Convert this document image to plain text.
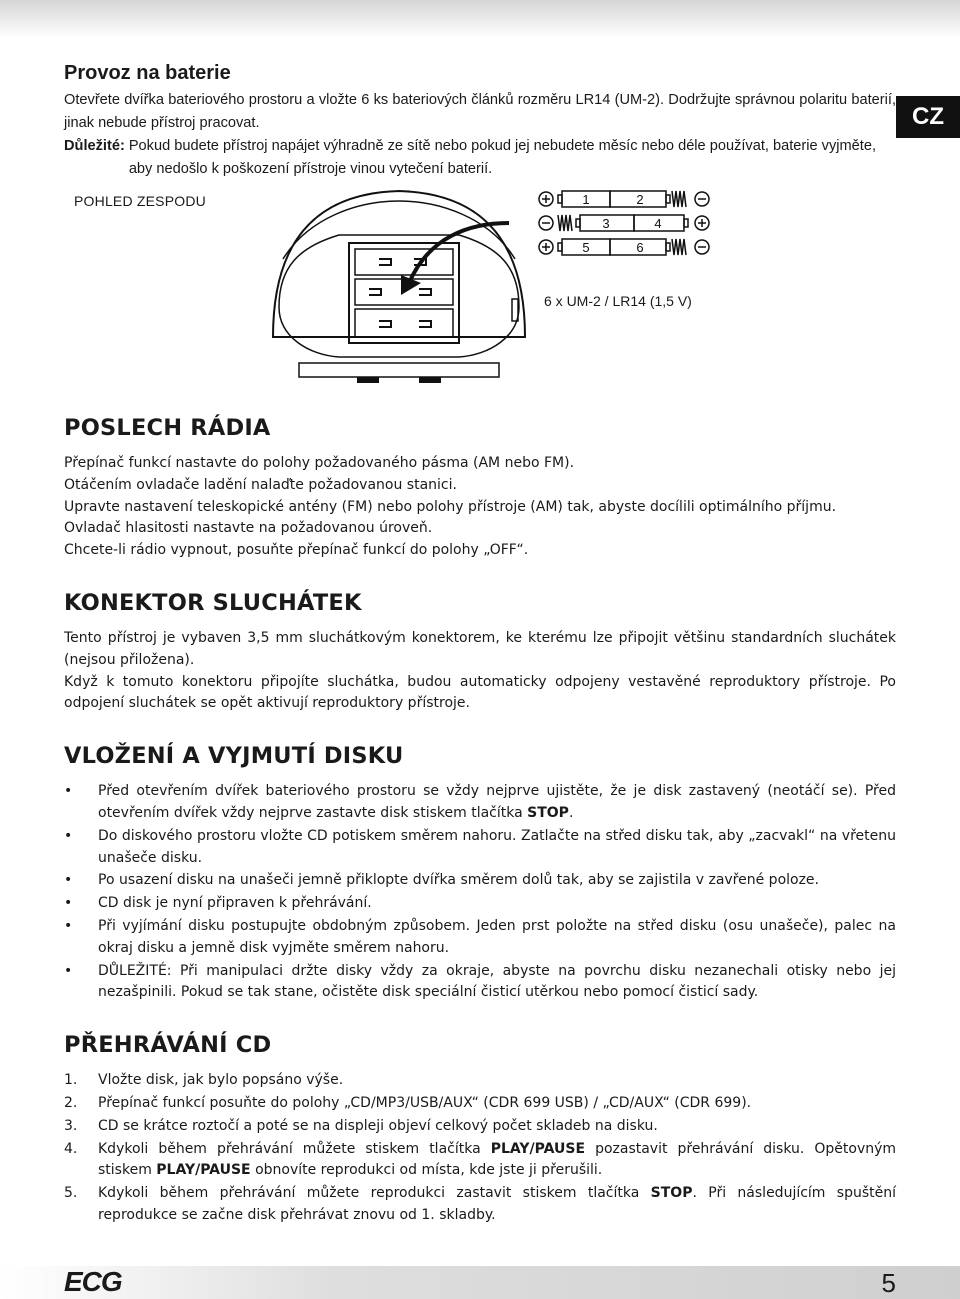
CZ
Provoz na baterie

Otevřete dvířka bateriového prostoru a vložte 6 ks bateriových článků rozměru LR14 (UM-2). Dodržujte správnou polaritu baterií, jinak nebude přístroj pracovat.

Důležité: Pokud budete přístroj napájet výhradně ze sítě nebo pokud jej nebudete měsíc nebo déle používat, baterie vyjměte, aby nedošlo k poškození přístroje vinou vytečení baterií.
POHLED ZESPODU	1	2
3	4
5	6
6 x UM-2 / LR14 (1,5 V)
POSLECH RÁDIA

Přepínač funkcí nastavte do polohy požadovaného pásma (AM nebo FM).

Otáčením ovladače ladění nalaďte požadovanou stanici.

Upravte nastavení teleskopické antény (FM) nebo polohy přístroje (AM) tak, abyste docílili optimálního příjmu.

Ovladač hlasitosti nastavte na požadovanou úroveň.

Chcete-li rádio vypnout, posuňte přepínač funkcí do polohy „OFF“.

KONEKTOR SLUCHÁTEK

Tento přístroj je vybaven 3,5 mm sluchátkovým konektorem, ke kterému lze připojit většinu standardních sluchátek (nejsou přiložena).

Když k tomuto konektoru připojíte sluchátka, budou automaticky odpojeny vestavěné reproduktory přístroje. Po odpojení sluchátek se opět aktivují reproduktory přístroje.

VLOŽENÍ A VYJMUTÍ DISKU
• Před otevřením dvířek bateriového prostoru se vždy nejprve ujistěte, že je disk zastavený (neotáčí se). Před otevřením dvířek vždy nejprve zastavte disk stiskem tlačítka STOP.
• Do diskového prostoru vložte CD potiskem směrem nahoru. Zatlačte na střed disku tak, aby „zacvakl“ na vřetenu unašeče disku.
• Po usazení disku na unašeči jemně přiklopte dvířka směrem dolů tak, aby se zajistila v zavřené poloze.
• CD disk je nyní připraven k přehrávání.
• Při vyjímání disku postupujte obdobným způsobem. Jeden prst položte na střed disku (osu unašeče), palec na okraj disku a jemně disk vyjměte směrem nahoru.
• DŮLEŽITÉ: Při manipulaci držte disky vždy za okraje, abyste na povrchu disku nezanechali otisky nebo jej nezašpinili. Pokud se tak stane, očistěte disk speciální čisticí utěrkou nebo pomocí čisticí sady.
PŘEHRÁVÁNÍ CD
1. Vložte disk, jak bylo popsáno výše.
2. Přepínač funkcí posuňte do polohy „CD/MP3/USB/AUX“ (CDR 699 USB) / „CD/AUX“ (CDR 699).
3. CD se krátce roztočí a poté se na displeji objeví celkový počet skladeb na disku.
4. Kdykoli během přehrávání můžete stiskem tlačítka PLAY/PAUSE pozastavit přehrávání disku. Opětovným stiskem PLAY/PAUSE obnovíte reprodukci od místa, kde jste ji přerušili.
5. Kdykoli během přehrávání můžete reprodukci zastavit stiskem tlačítka STOP. Při následujícím spuštění reprodukce se začne disk přehrávat znovu od 1. skladby.
ECG	5
